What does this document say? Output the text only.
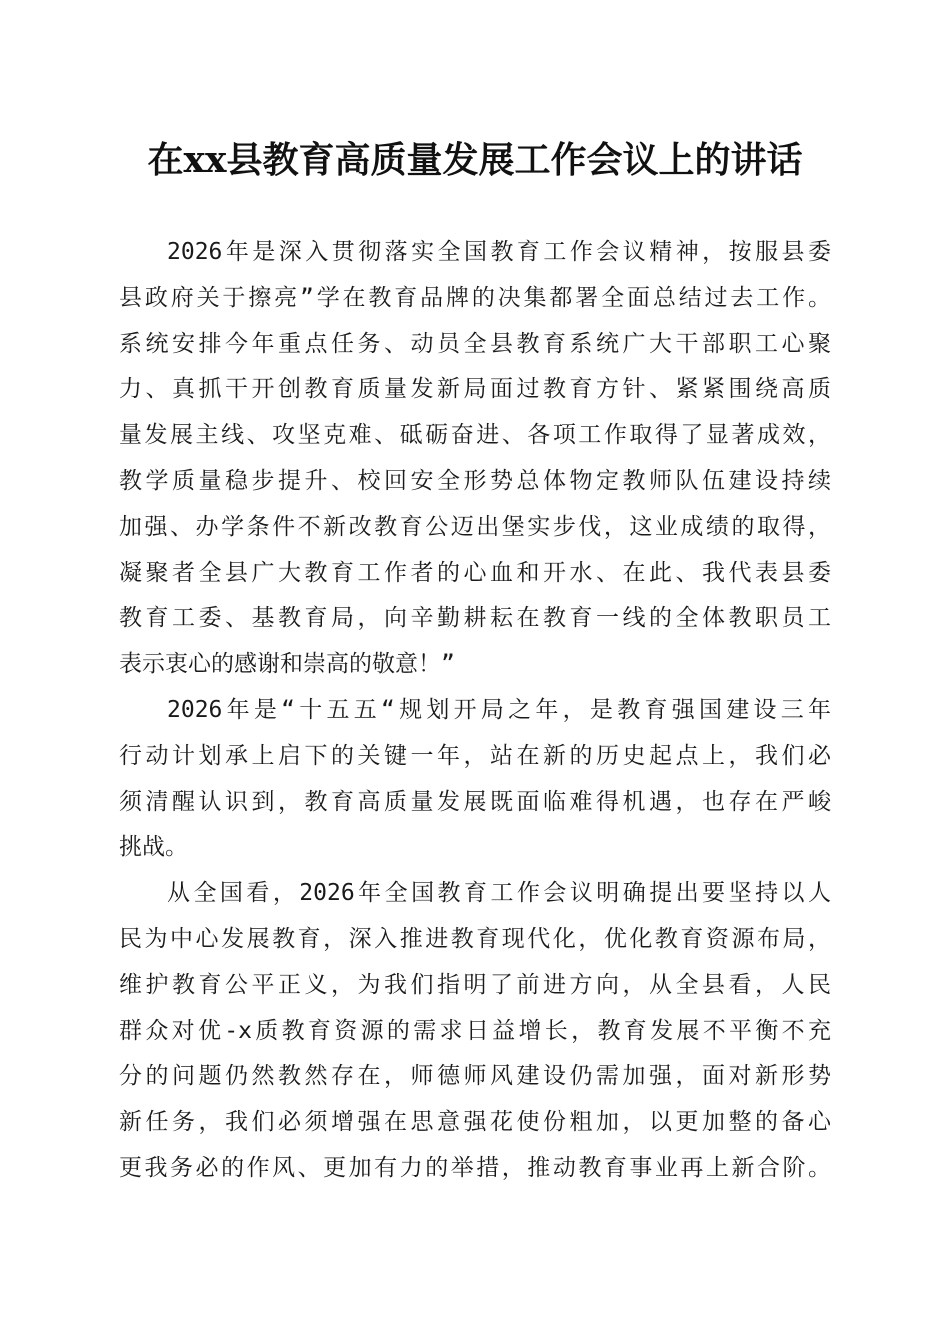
在xx县教育高质量发展工作会议上的讲话
2026年是深入贯彻落实全国教育工作会议精神，按服县委
县政府关于擦亮”学在教育品牌的决集都署全面总结过去工作。
系统安排今年重点任务、动员全县教育系统广大干部职工心聚
力、真抓干开创教育质量发新局面过教育方针、紧紧围绕高质
量发展主线、攻坚克难、砥砺奋进、各项工作取得了显著成效，
教学质量稳步提升、校回安全形势总体物定教师队伍建设持续
加强、办学条件不新改教育公迈出堡实步伐，这业成绩的取得，
凝聚者全县广大教育工作者的心血和开水、在此、我代表县委
教育工委、基教育局，向辛勤耕耘在教育一线的全体教职员工
表示衷心的感谢和崇高的敬意！”
2026年是“十五五“规划开局之年，是教育强国建设三年
行动计划承上启下的关键一年，站在新的历史起点上，我们必
须清醒认识到，教育高质量发展既面临难得机遇，也存在严峻
挑战。
从全国看，2026年全国教育工作会议明确提出要坚持以人
民为中心发展教育，深入推进教育现代化，优化教育资源布局，
维护教育公平正义，为我们指明了前进方向，从全县看，人民
群众对优-x质教育资源的需求日益增长，教育发展不平衡不充
分的问题仍然教然存在，师德师风建设仍需加强，面对新形势
新任务，我们必须增强在思意强花使份粗加，以更加整的备心
更我务必的作风、更加有力的举措，推动教育事业再上新合阶。
